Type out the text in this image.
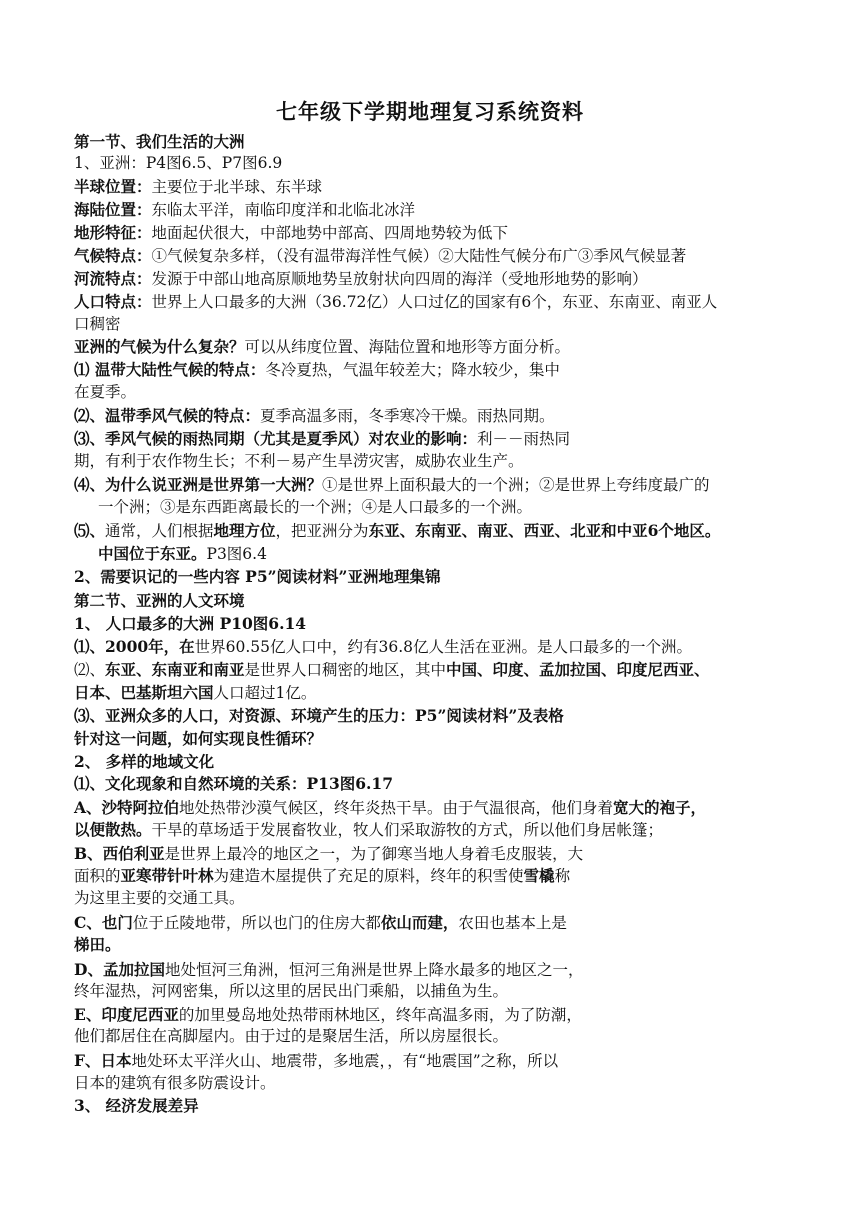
七年级下学期地理复习系统资料
第一节、我们生活的大洲
1、亚洲：P4图6.5、P7图6.9
半球位置：主要位于北半球、东半球
海陆位置：东临太平洋，南临印度洋和北临北冰洋
地形特征：地面起伏很大，中部地势中部高、四周地势较为低下
气候特点：①气候复杂多样，（没有温带海洋性气候）②大陆性气候分布广③季风气候显著
河流特点：发源于中部山地高原顺地势呈放射状向四周的海洋（受地形地势的影响）
人口特点：世界上人口最多的大洲（36.72亿）人口过亿的国家有6个，东亚、东南亚、南亚人
口稠密
亚洲的气候为什么复杂？可以从纬度位置、海陆位置和地形等方面分析。
⑴ 温带大陆性气候的特点：冬冷夏热，气温年较差大；降水较少，集中
在夏季。
⑵、温带季风气候的特点：夏季高温多雨，冬季寒冷干燥。雨热同期。
⑶、季风气候的雨热同期（尤其是夏季风）对农业的影响：利－－雨热同
期，有利于农作物生长；不利－易产生旱涝灾害，威胁农业生产。
⑷、为什么说亚洲是世界第一大洲？①是世界上面积最大的一个洲；②是世界上夸纬度最广的
一个洲；③是东西距离最长的一个洲；④是人口最多的一个洲。
⑸、通常，人们根据地理方位，把亚洲分为东亚、东南亚、南亚、西亚、北亚和中亚6个地区。
中国位于东亚。P3图6.4
2、需要识记的一些内容 P5”阅读材料”亚洲地理集锦
第二节、亚洲的人文环境
1、 人口最多的大洲 P10图6.14
⑴、2000年，在世界60.55亿人口中，约有36.8亿人生活在亚洲。是人口最多的一个洲。
⑵、东亚、东南亚和南亚是世界人口稠密的地区，其中中国、印度、孟加拉国、印度尼西亚、
日本、巴基斯坦六国人口超过1亿。
⑶、亚洲众多的人口，对资源、环境产生的压力：P5”阅读材料”及表格
针对这一问题，如何实现良性循环？
2、 多样的地域文化
⑴、文化现象和自然环境的关系：P13图6.17
A、沙特阿拉伯地处热带沙漠气候区，终年炎热干旱。由于气温很高，他们身着宽大的袍子，
以便散热。干旱的草场适于发展畜牧业，牧人们采取游牧的方式，所以他们身居帐篷；
B、西伯利亚是世界上最冷的地区之一，为了御寒当地人身着毛皮服装，大
面积的亚寒带针叶林为建造木屋提供了充足的原料，终年的积雪使雪橇称
为这里主要的交通工具。
C、也门位于丘陵地带，所以也门的住房大都依山而建，农田也基本上是
梯田。
D、孟加拉国地处恒河三角洲，恒河三角洲是世界上降水最多的地区之一，
终年湿热，河网密集，所以这里的居民出门乘船，以捕鱼为生。
E、印度尼西亚的加里曼岛地处热带雨林地区，终年高温多雨，为了防潮，
他们都居住在高脚屋内。由于过的是聚居生活，所以房屋很长。
F、日本地处环太平洋火山、地震带，多地震，，有“地震国”之称，所以
日本的建筑有很多防震设计。
3、 经济发展差异
